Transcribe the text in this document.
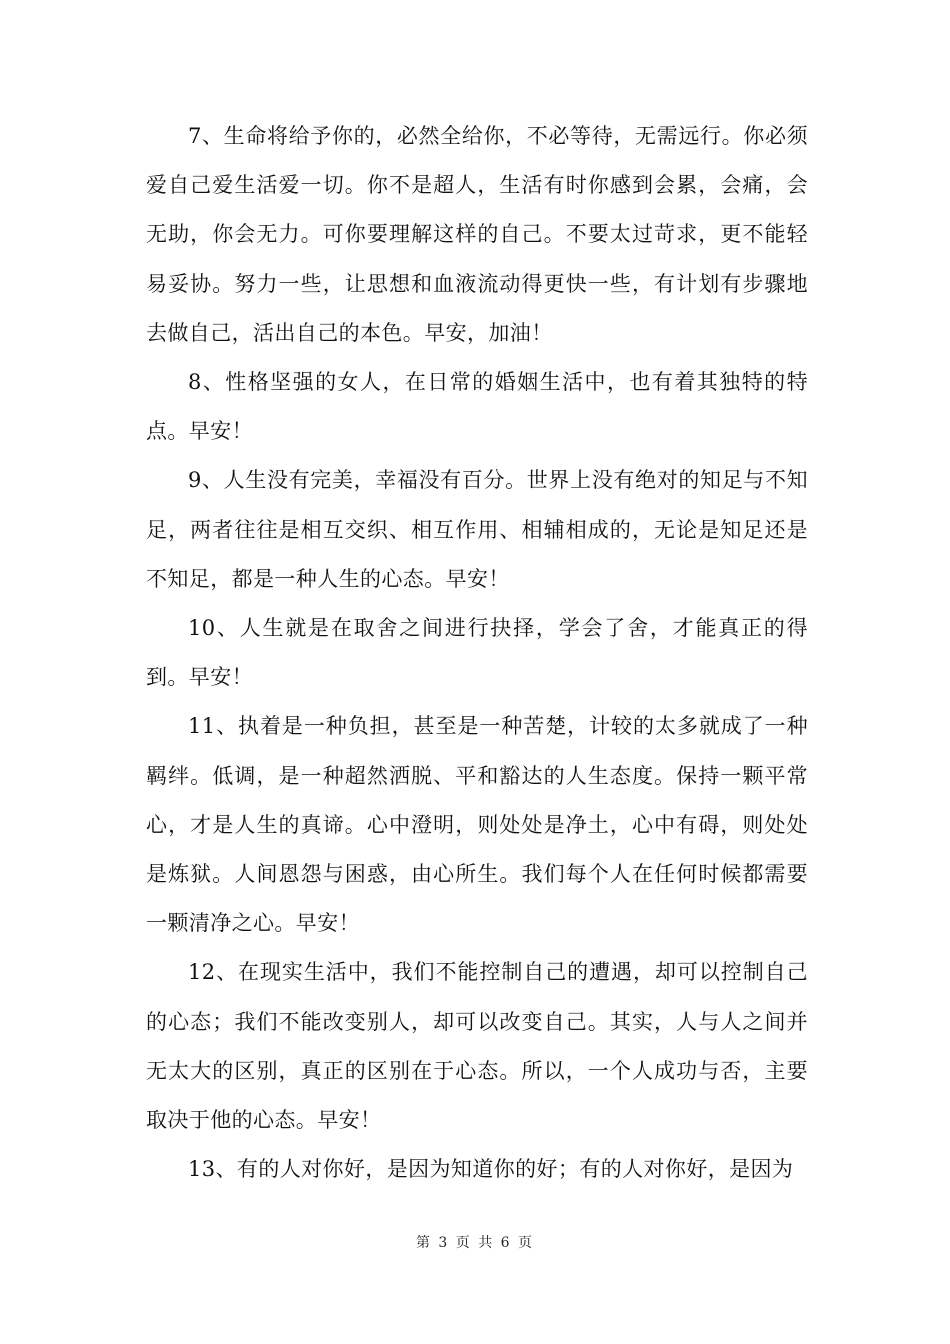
7、生命将给予你的，必然全给你，不必等待，无需远行。你必须爱自己爱生活爱一切。你不是超人，生活有时你感到会累，会痛，会无助，你会无力。可你要理解这样的自己。不要太过苛求，更不能轻易妥协。努力一些，让思想和血液流动得更快一些，有计划有步骤地去做自己，活出自己的本色。早安，加油！

8、性格坚强的女人，在日常的婚姻生活中，也有着其独特的特点。早安！

9、人生没有完美，幸福没有百分。世界上没有绝对的知足与不知足，两者往往是相互交织、相互作用、相辅相成的，无论是知足还是不知足，都是一种人生的心态。早安！

10、人生就是在取舍之间进行抉择，学会了舍，才能真正的得到。早安！

11、执着是一种负担，甚至是一种苦楚，计较的太多就成了一种羁绊。低调，是一种超然洒脱、平和豁达的人生态度。保持一颗平常心，才是人生的真谛。心中澄明，则处处是净土，心中有碍，则处处是炼狱。人间恩怨与困惑，由心所生。我们每个人在任何时候都需要一颗清净之心。早安！

12、在现实生活中，我们不能控制自己的遭遇，却可以控制自己的心态；我们不能改变别人，却可以改变自己。其实，人与人之间并无太大的区别，真正的区别在于心态。所以，一个人成功与否，主要取决于他的心态。早安！

13、有的人对你好，是因为知道你的好；有的人对你好，是因为

第 3 页 共 6 页
